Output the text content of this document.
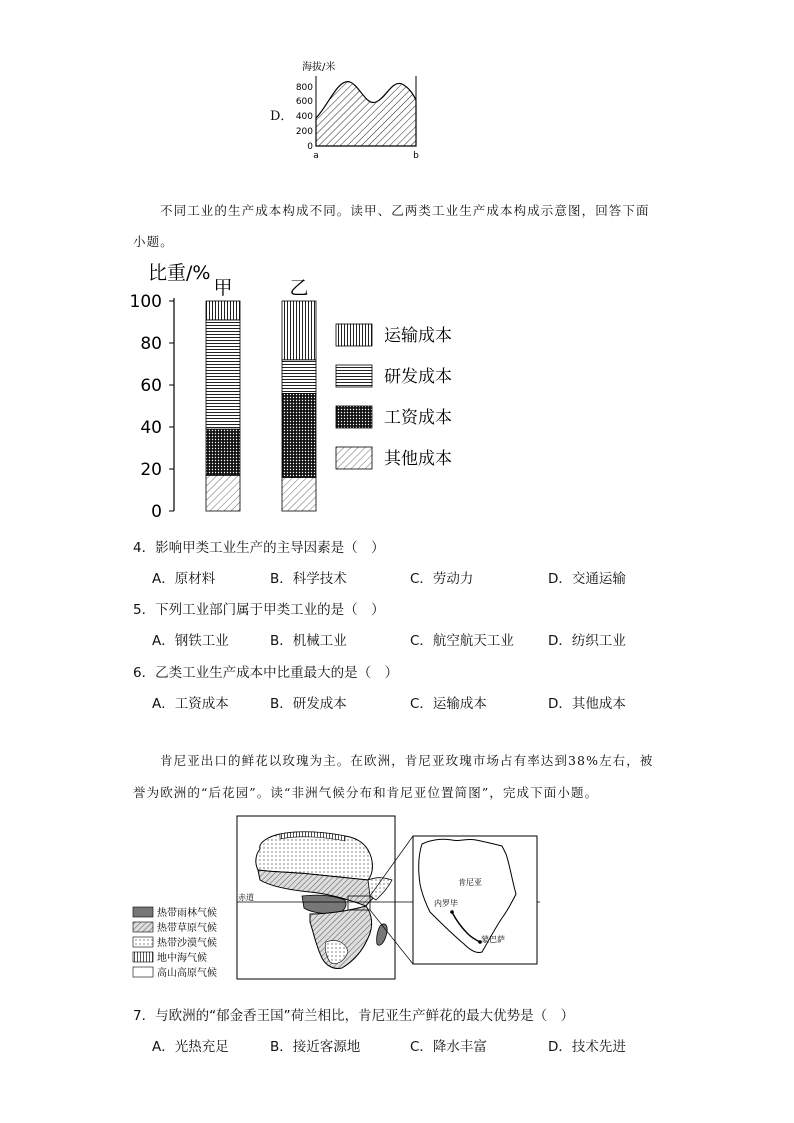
D．
海拔/米
800
600
400
200
0
a	b
不同工业的生产成本构成不同。读甲、乙两类工业生产成本构成示意图，回答下面
小题。
比重/%
0
20
40
60
80
100
甲	乙
运输成本
研发成本
工资成本
其他成本
4．影响甲类工业生产的主导因素是（　）
A．原材料	B．科学技术	C．劳动力	D．交通运输
5．下列工业部门属于甲类工业的是（　）
A．钢铁工业	B．机械工业	C．航空航天工业	D．纺织工业
6．乙类工业生产成本中比重最大的是（　）
A．工资成本	B．研发成本	C．运输成本	D．其他成本
肯尼亚出口的鲜花以玫瑰为主。在欧洲，肯尼亚玫瑰市场占有率达到38%左右，被
誉为欧洲的“后花园”。读“非洲气候分布和肯尼亚位置简图”，完成下面小题。
赤道
肯尼亚
内罗毕
蒙巴萨
热带雨林气候
热带草原气候
热带沙漠气候
地中海气候
高山高原气候
7．与欧洲的“郁金香王国”荷兰相比，肯尼亚生产鲜花的最大优势是（　）
A．光热充足	B．接近客源地	C．降水丰富	D．技术先进
